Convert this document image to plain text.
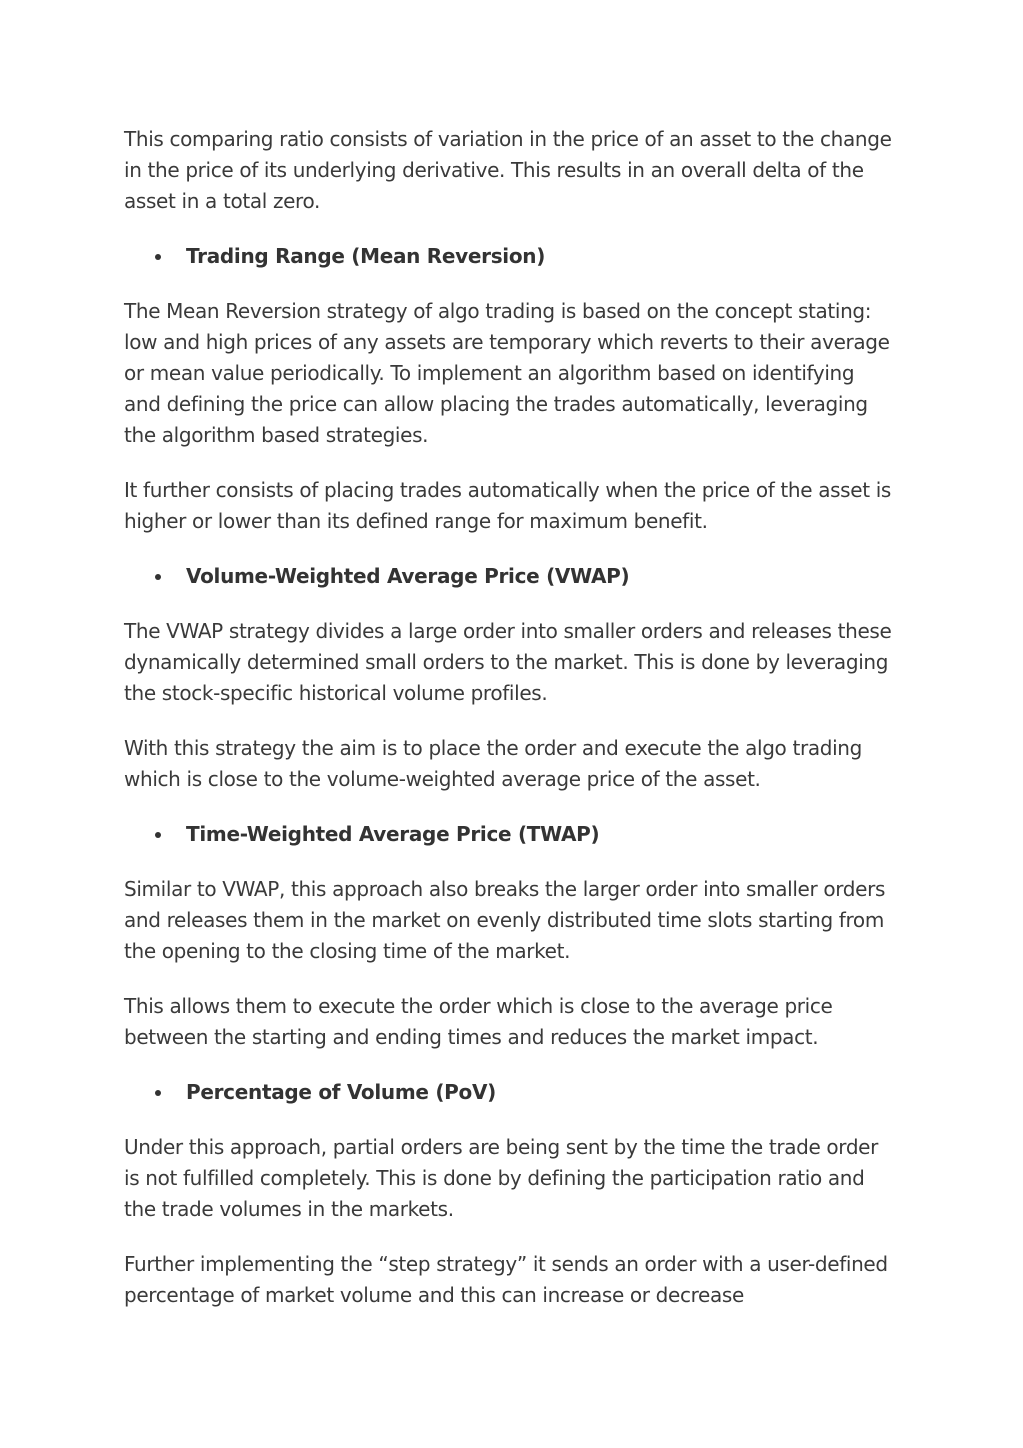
This comparing ratio consists of variation in the price of an asset to the change in the price of its underlying derivative. This results in an overall delta of the asset in a total zero.

Trading Range (Mean Reversion)

The Mean Reversion strategy of algo trading is based on the concept stating: low and high prices of any assets are temporary which reverts to their average or mean value periodically. To implement an algorithm based on identifying and defining the price can allow placing the trades automatically, leveraging the algorithm based strategies.

It further consists of placing trades automatically when the price of the asset is higher or lower than its defined range for maximum benefit.

Volume-Weighted Average Price (VWAP)

The VWAP strategy divides a large order into smaller orders and releases these dynamically determined small orders to the market. This is done by leveraging the stock-specific historical volume profiles.

With this strategy the aim is to place the order and execute the algo trading which is close to the volume-weighted average price of the asset.

Time-Weighted Average Price (TWAP)

Similar to VWAP, this approach also breaks the larger order into smaller orders and releases them in the market on evenly distributed time slots starting from the opening to the closing time of the market.

This allows them to execute the order which is close to the average price between the starting and ending times and reduces the market impact.

Percentage of Volume (PoV)

Under this approach, partial orders are being sent by the time the trade order is not fulfilled completely. This is done by defining the participation ratio and the trade volumes in the markets.

Further implementing the “step strategy” it sends an order with a user-defined percentage of market volume and this can increase or decrease
